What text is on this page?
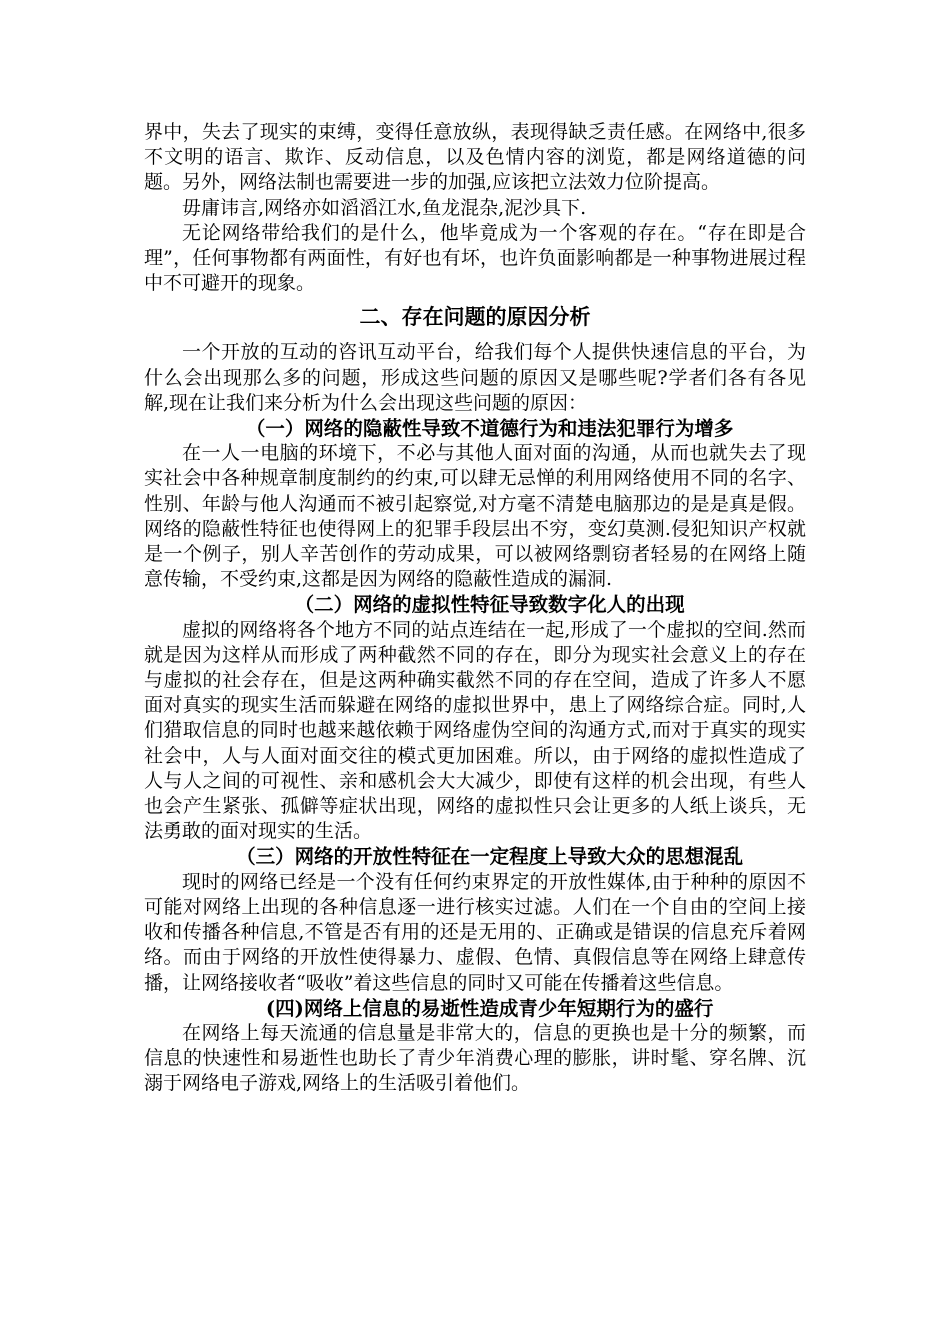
界中，失去了现实的束缚，变得任意放纵，表现得缺乏责任感。在网络中,很多不文明的语言、欺诈、反动信息，以及色情内容的浏览，都是网络道德的问题。另外，网络法制也需要进一步的加强,应该把立法效力位阶提高。

毋庸讳言,网络亦如滔滔江水,鱼龙混杂,泥沙具下.

无论网络带给我们的是什么，他毕竟成为一个客观的存在。“存在即是合理”，任何事物都有两面性，有好也有坏，也许负面影响都是一种事物进展过程中不可避开的现象。

二、存在问题的原因分析

一个开放的互动的咨讯互动平台，给我们每个人提供快速信息的平台，为什么会出现那么多的问题，形成这些问题的原因又是哪些呢?学者们各有各见解,现在让我们来分析为什么会出现这些问题的原因：

（一）网络的隐蔽性导致不道德行为和违法犯罪行为增多

在一人一电脑的环境下，不必与其他人面对面的沟通，从而也就失去了现实社会中各种规章制度制约的约束,可以肆无忌惮的利用网络使用不同的名字、性别、年龄与他人沟通而不被引起察觉,对方毫不清楚电脑那边的是是真是假。网络的隐蔽性特征也使得网上的犯罪手段层出不穷，变幻莫测.侵犯知识产权就是一个例子，别人辛苦创作的劳动成果，可以被网络剽窃者轻易的在网络上随意传输，不受约束,这都是因为网络的隐蔽性造成的漏洞.

（二）网络的虚拟性特征导致数字化人的出现

虚拟的网络将各个地方不同的站点连结在一起,形成了一个虚拟的空间.然而就是因为这样从而形成了两种截然不同的存在，即分为现实社会意义上的存在与虚拟的社会存在，但是这两种确实截然不同的存在空间，造成了许多人不愿面对真实的现实生活而躲避在网络的虚拟世界中，患上了网络综合症。同时,人们猎取信息的同时也越来越依赖于网络虚伪空间的沟通方式,而对于真实的现实社会中，人与人面对面交往的模式更加困难。所以，由于网络的虚拟性造成了人与人之间的可视性、亲和感机会大大减少，即使有这样的机会出现，有些人也会产生紧张、孤僻等症状出现，网络的虚拟性只会让更多的人纸上谈兵，无法勇敢的面对现实的生活。

（三）网络的开放性特征在一定程度上导致大众的思想混乱

现时的网络已经是一个没有任何约束界定的开放性媒体,由于种种的原因不可能对网络上出现的各种信息逐一进行核实过滤。人们在一个自由的空间上接收和传播各种信息,不管是否有用的还是无用的、正确或是错误的信息充斥着网络。而由于网络的开放性使得暴力、虚假、色情、真假信息等在网络上肆意传播，让网络接收者“吸收”着这些信息的同时又可能在传播着这些信息。

(四)网络上信息的易逝性造成青少年短期行为的盛行

在网络上每天流通的信息量是非常大的，信息的更换也是十分的频繁，而信息的快速性和易逝性也助长了青少年消费心理的膨胀，讲时髦、穿名牌、沉溺于网络电子游戏,网络上的生活吸引着他们。
